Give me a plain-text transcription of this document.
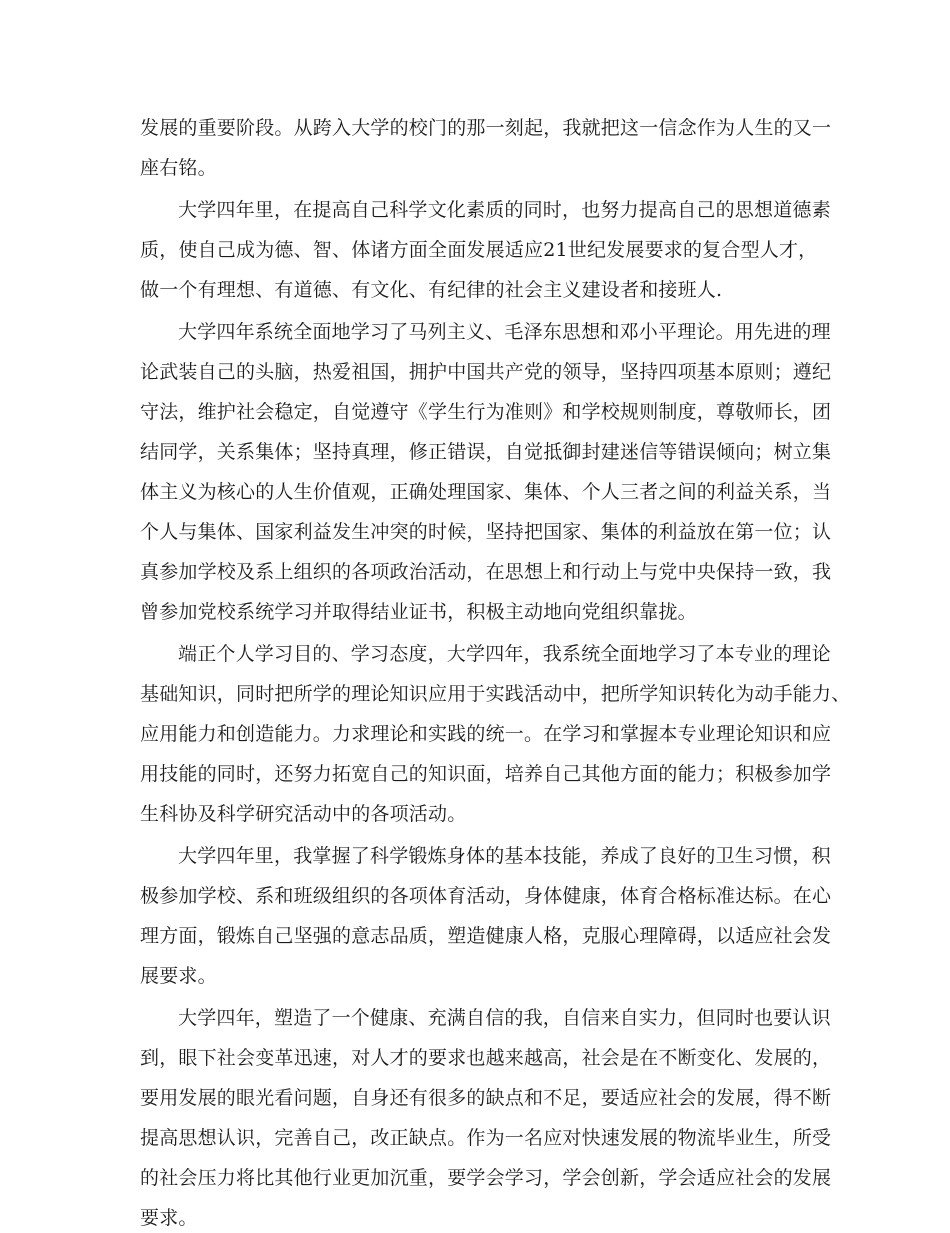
发展的重要阶段。从跨入大学的校门的那一刻起，我就把这一信念作为人生的又一
座右铭。
大学四年里，在提高自己科学文化素质的同时，也努力提高自己的思想道德素
质，使自己成为德、智、体诸方面全面发展适应21世纪发展要求的复合型人才，
做一个有理想、有道德、有文化、有纪律的社会主义建设者和接班人.
大学四年系统全面地学习了马列主义、毛泽东思想和邓小平理论。用先进的理
论武装自己的头脑，热爱祖国，拥护中国共产党的领导，坚持四项基本原则；遵纪
守法，维护社会稳定，自觉遵守《学生行为准则》和学校规则制度，尊敬师长，团
结同学，关系集体；坚持真理，修正错误，自觉抵御封建迷信等错误倾向；树立集
体主义为核心的人生价值观，正确处理国家、集体、个人三者之间的利益关系，当
个人与集体、国家利益发生冲突的时候，坚持把国家、集体的利益放在第一位；认
真参加学校及系上组织的各项政治活动，在思想上和行动上与党中央保持一致，我
曾参加党校系统学习并取得结业证书，积极主动地向党组织靠拢。
端正个人学习目的、学习态度，大学四年，我系统全面地学习了本专业的理论
基础知识，同时把所学的理论知识应用于实践活动中，把所学知识转化为动手能力、
应用能力和创造能力。力求理论和实践的统一。在学习和掌握本专业理论知识和应
用技能的同时，还努力拓宽自己的知识面，培养自己其他方面的能力；积极参加学
生科协及科学研究活动中的各项活动。
大学四年里，我掌握了科学锻炼身体的基本技能，养成了良好的卫生习惯，积
极参加学校、系和班级组织的各项体育活动，身体健康，体育合格标准达标。在心
理方面，锻炼自己坚强的意志品质，塑造健康人格，克服心理障碍，以适应社会发
展要求。
大学四年，塑造了一个健康、充满自信的我，自信来自实力，但同时也要认识
到，眼下社会变革迅速，对人才的要求也越来越高，社会是在不断变化、发展的，
要用发展的眼光看问题，自身还有很多的缺点和不足，要适应社会的发展，得不断
提高思想认识，完善自己，改正缺点。作为一名应对快速发展的物流毕业生，所受
的社会压力将比其他行业更加沉重，要学会学习，学会创新，学会适应社会的发展
要求。
